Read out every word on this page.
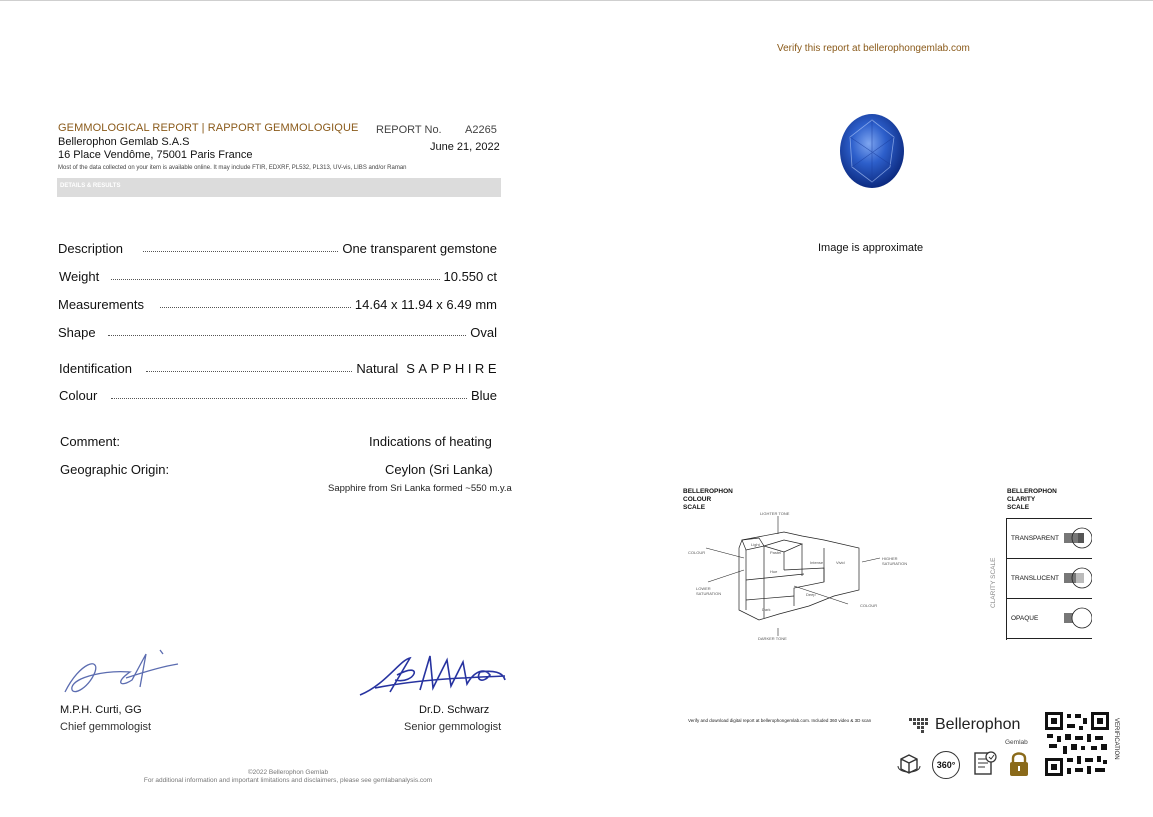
Verify this report at bellerophongemlab.com
GEMMOLOGICAL REPORT | RAPPORT GEMMOLOGIQUE
Bellerophon Gemlab S.A.S
16 Place Vendôme, 75001 Paris France
Most of the data collected on your item is available online. It may include FTIR, EDXRF, PL532, PL313, UV-vis, LIBS and/or Raman
REPORT No. A2265
June 21, 2022
DETAILS & RESULTS
Description	One transparent gemstone
Weight	10.550 ct
Measurements	14.64 x 11.94 x 6.49 mm
Shape	Oval
Identification	Natural SAPPHIRE
Colour	Blue
Comment:	Indications of heating
Geographic Origin:	Ceylon (Sri Lanka)
Sapphire from Sri Lanka formed ~550 m.y.a
M.P.H. Curti, GG
Chief gemmologist
Dr.D. Schwarz
Senior gemmologist
©2022 Bellerophon Gemlab
For additional information and important limitations and disclaimers, please see gemlabanalysis.com
Image is approximate
BELLEROPHON
COLOUR
SCALE
LIGHTER TONE
Light
Pastel
Intense	Vivid
Hue
Deep
Dark
COLOUR
LOWER
SATURATION
HIGHER
SATURATION
COLOUR
DARKER TONE
BELLEROPHON
CLARITY
SCALE
CLARITY SCALE
TRANSPARENT
TRANSLUCENT
OPAQUE
Verify and download digital report at bellerophongemlab.com. Included 360 video & 3D scan	Bellerophon
Gemlab	VERIFICATION
360°
